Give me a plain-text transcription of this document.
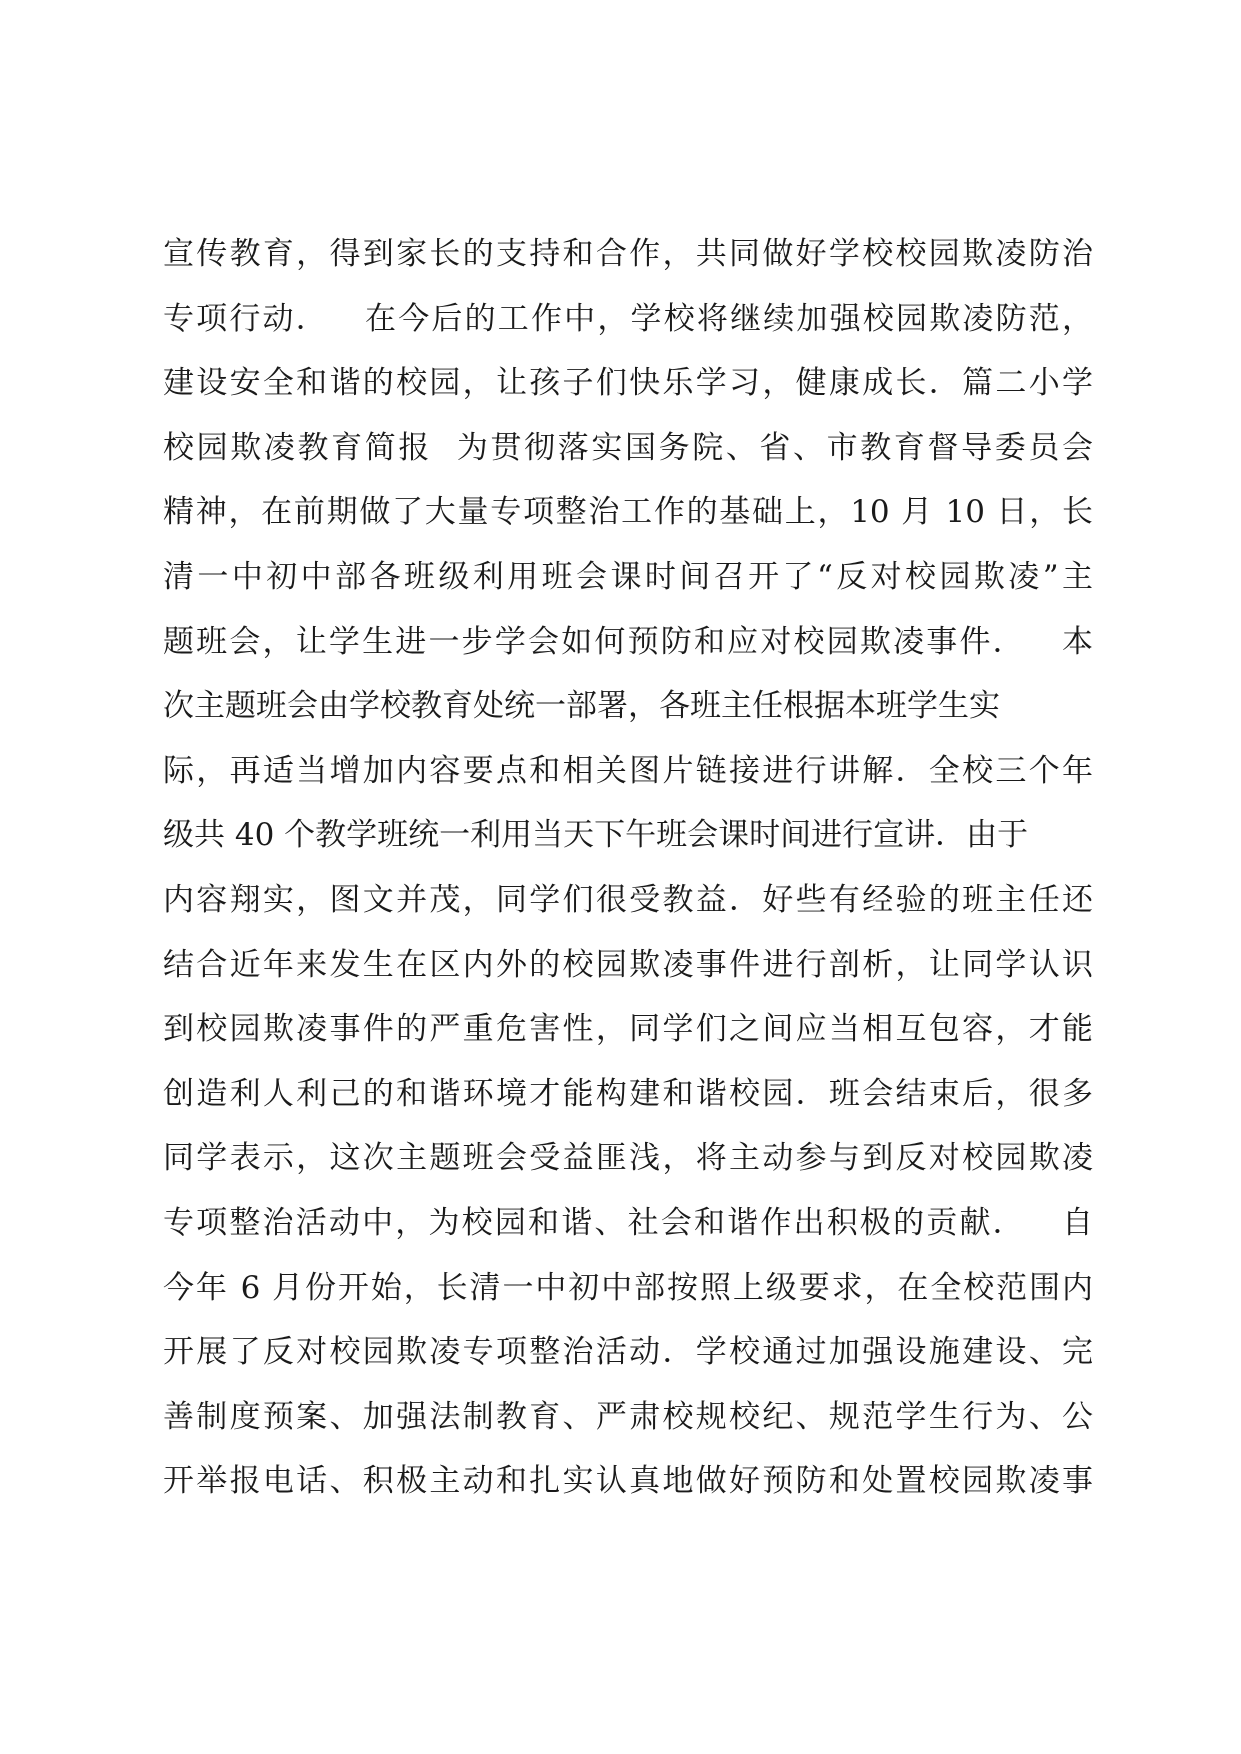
宣传教育，得到家长的支持和合作，共同做好学校校园欺凌防治
专项行动．   在今后的工作中，学校将继续加强校园欺凌防范，
建设安全和谐的校园，让孩子们快乐学习，健康成长．篇二小学
校园欺凌教育简报  为贯彻落实国务院、省、市教育督导委员会
精神，在前期做了大量专项整治工作的基础上，10 月 10 日，长
清一中初中部各班级利用班会课时间召开了“反对校园欺凌”主
题班会，让学生进一步学会如何预防和应对校园欺凌事件．   本
次主题班会由学校教育处统一部署，各班主任根据本班学生实
际，再适当增加内容要点和相关图片链接进行讲解．全校三个年
级共 40 个教学班统一利用当天下午班会课时间进行宣讲．由于
内容翔实，图文并茂，同学们很受教益．好些有经验的班主任还
结合近年来发生在区内外的校园欺凌事件进行剖析，让同学认识
到校园欺凌事件的严重危害性，同学们之间应当相互包容，才能
创造利人利己的和谐环境才能构建和谐校园．班会结束后，很多
同学表示，这次主题班会受益匪浅，将主动参与到反对校园欺凌
专项整治活动中，为校园和谐、社会和谐作出积极的贡献．   自
今年 6 月份开始，长清一中初中部按照上级要求，在全校范围内
开展了反对校园欺凌专项整治活动．学校通过加强设施建设、完
善制度预案、加强法制教育、严肃校规校纪、规范学生行为、公
开举报电话、积极主动和扎实认真地做好预防和处置校园欺凌事
